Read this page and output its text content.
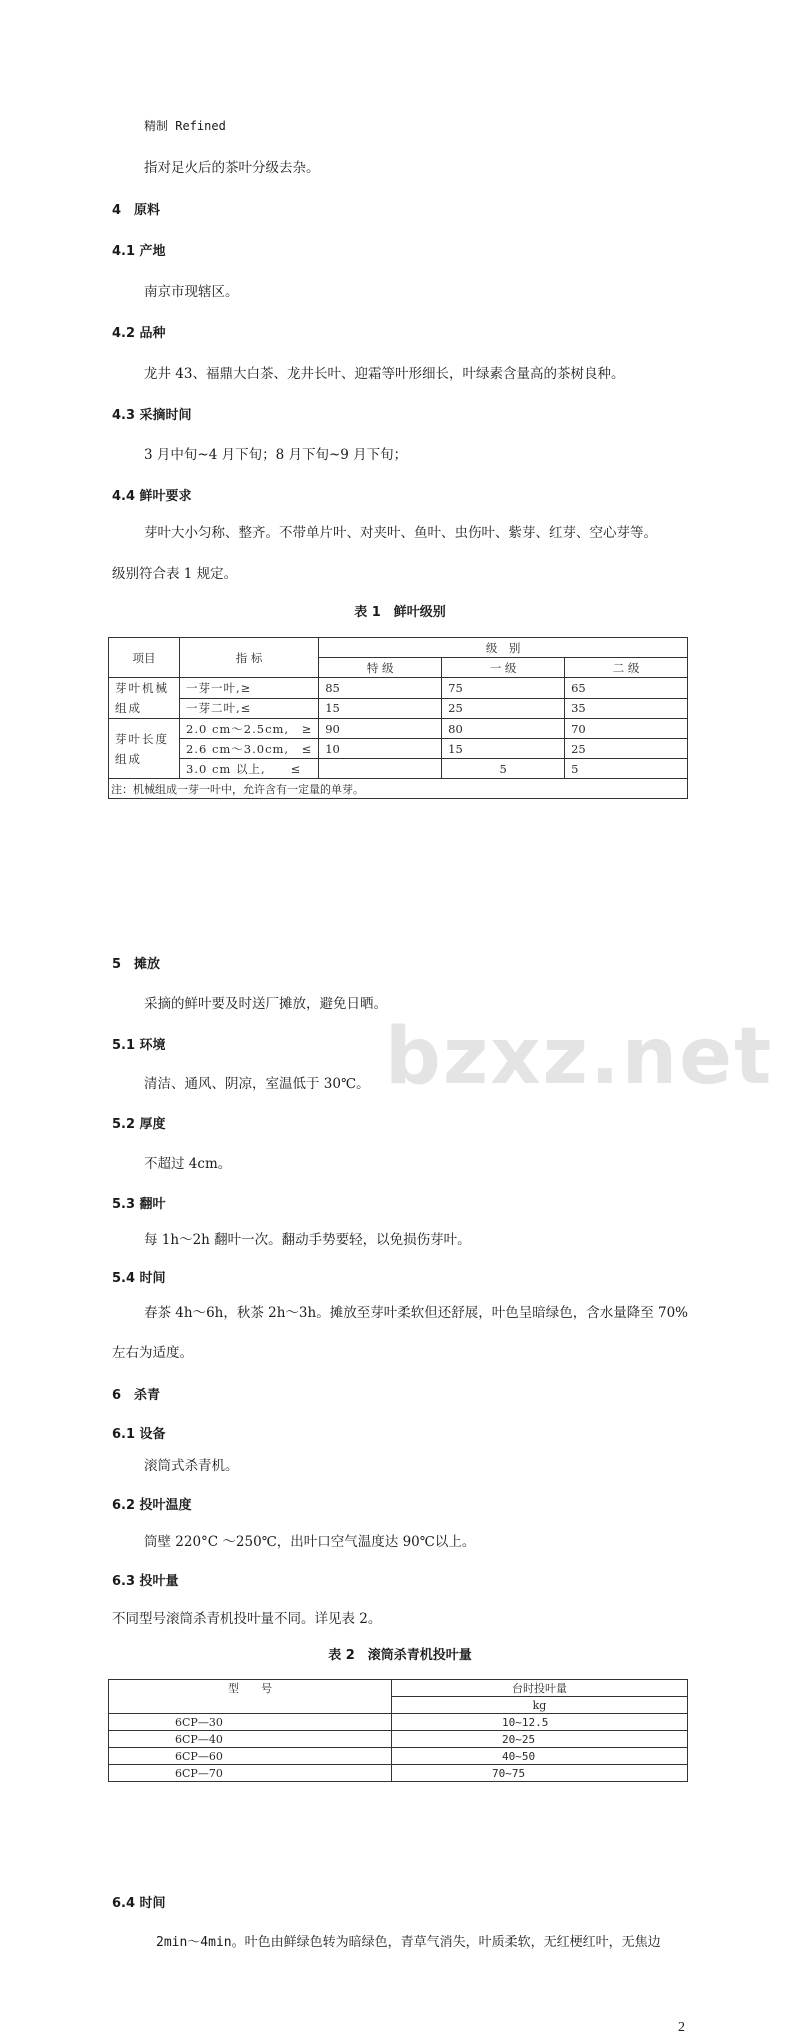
bzxz.net
精制 Refined
指对足火后的茶叶分级去杂。
4　原料
4.1 产地
南京市现辖区。
4.2 品种
龙井 43、福鼎大白茶、龙井长叶、迎霜等叶形细长，叶绿素含量高的茶树良种。
4.3 采摘时间
3 月中旬~4 月下旬；8 月下旬~9 月下旬；
4.4 鲜叶要求
芽叶大小匀称、整齐。不带单片叶、对夹叶、鱼叶、虫伤叶、紫芽、红芽、空心芽等。
级别符合表 1 规定。
表 1　鲜叶级别
项目	指 标	级　别		
		特 级	一 级	二 级
芽叶机械组成	一芽一叶,≥	85	75	65
	一芽二叶,≤	15	25	35
芽叶长度组成	2.0 cm～2.5cm,　≥	90	80	70
	2.6 cm～3.0cm,　≤	10	15	25
	3.0 cm 以上,　　≤		5	5
注：机械组成一芽一叶中，允许含有一定量的单芽。				
5　摊放
采摘的鲜叶要及时送厂摊放，避免日晒。
5.1 环境
清洁、通风、阴凉，室温低于 30℃。
5.2 厚度
不超过 4cm。
5.3 翻叶
每 1h～2h 翻叶一次。翻动手势要轻，以免损伤芽叶。
5.4 时间
春茶 4h～6h，秋茶 2h～3h。摊放至芽叶柔软但还舒展，叶色呈暗绿色，含水量降至 70%
左右为适度。
6　杀青
6.1 设备
滚筒式杀青机。
6.2 投叶温度
筒壁 220°C ～250℃，出叶口空气温度达 90℃以上。
6.3 投叶量
不同型号滚筒杀青机投叶量不同。详见表 2。
表 2　滚筒杀青机投叶量
型　　号	台时投叶量
	kg
6CP—30	10~12.5
6CP—40	20~25
6CP—60	40~50
6CP—70	70~75
6.4 时间
2min～4min。叶色由鲜绿色转为暗绿色，青草气消失，叶质柔软，无红梗红叶，无焦边
2
